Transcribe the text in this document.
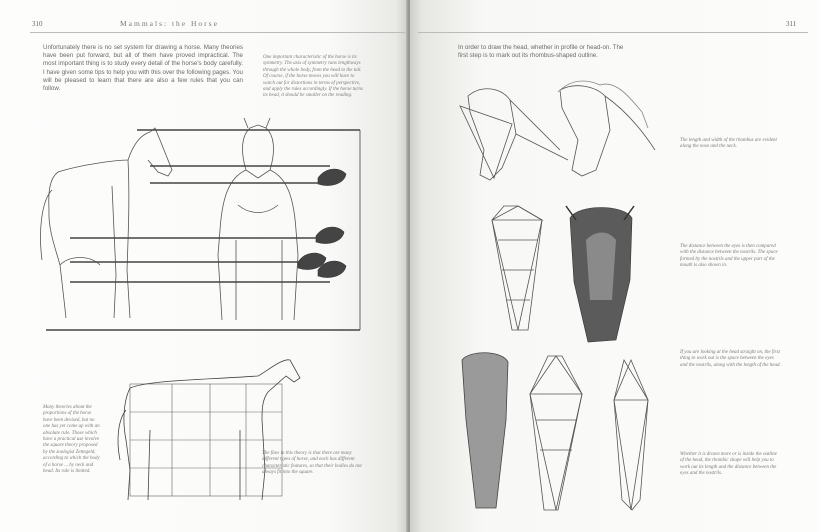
310	Mammals: the Horse
Unfortunately there is no set system for drawing a horse. Many theories have been put forward, but all of them have proved impractical. The most important thing is to study every detail of the horse's body carefully. I have given some tips to help you with this over the following pages. You will be pleased to learn that there are also a few rules that you can follow.
One important characteristic of the horse is its symmetry. The axis of symmetry runs lengthways through the whole body, from the head to the tail. Of course, if the horse moves you will have to watch out for distortions in terms of perspective, and apply the rules accordingly. If the horse turns its head, it should be smaller on the reading.
Many theories about the proportions of the horse have been devised, but no one has yet come up with an absolute rule. Those which have a practical use involve the square theory proposed by the zoologist Zettegeld, according to which the body of a horse ... by neck and head. Its rule is limited.
The flaw in this theory is that there are many different types of horse, and each has different characteristic features, so that their bodies do not always fit into the square.
311
In order to draw the head, whether in profile or head-on. The first step is to mark out its rhombus-shaped outline.
The length and width of the rhombus are evident along the nose and the neck.
The distance between the eyes is then compared with the distance between the nostrils. The space formed by the nostrils and the upper part of the mouth is also shown in.
If you are looking at the head straight on, the first thing to work out is the space between the eyes and the nostrils, along with the length of the head.
Whether it is drawn more or is inside the outline of the head, the rhombic shape will help you to work out its length and the distance between the eyes and the nostrils.
